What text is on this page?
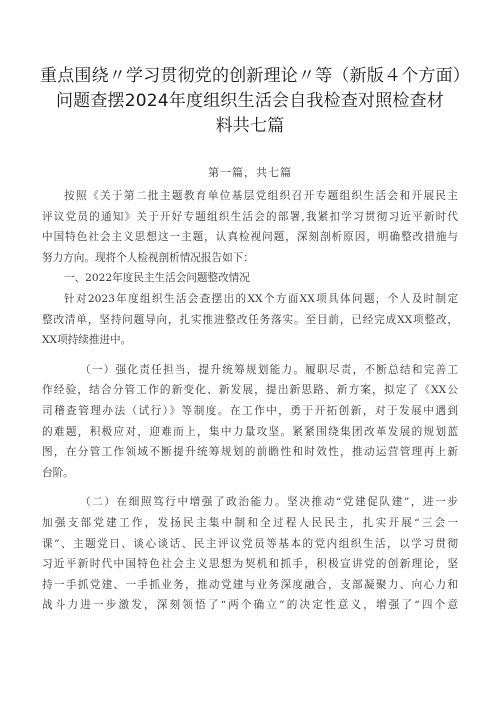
重点围绕〃学习贯彻党的创新理论〃等（新版４个方面）
问题查摆2024年度组织生活会自我检查对照检查材
料共七篇
第一篇，共七篇
按照《关于第二批主题教育单位基层党组织召开专题组织生活会和开展民主
评议党员的通知》关于开好专题组织生活会的部署,我紧扣学习贯彻习近平新时代
中国特色社会主义思想这一主题，认真检视问题，深刻剖析原因，明确整改措施与
努力方向。现将个人检视剖析情况报告如下：
一、2022年度民主生活会问题整改情况
针对2023年度组织生活会查摆出的XX个方面XX项具体问题，个人及时制定
整改清单，坚持问题导向，扎实推进整改任务落实。至目前，已经完成XX项整改，
XX项持续推进中。
（一）强化责任担当，提升统筹规划能力。履职尽责，不断总结和完善工
作经验，结合分管工作的新变化、新发展，提出新思路、新方案，拟定了《XX公
司稽查管理办法（试行）》等制度。在工作中，勇于开拓创新，对于发展中遇到
的难题，积极应对，迎难而上，集中力量攻坚。紧紧围绕集团改革发展的规划蓝
图，在分管工作领域不断提升统筹规划的前瞻性和时效性，推动运营管理再上新
台阶。
（二）在细照笃行中增强了政治能力。坚决推动“党建促队建”，进一步
加强支部党建工作，发扬民主集中制和全过程人民民主，扎实开展“三会一
课”、主题党日、谈心谈话、民主评议党员等基本的党内组织生活，以学习贯彻
习近平新时代中国特色社会主义思想为契机和抓手，积极宣讲党的创新理论，坚
持一手抓党建、一手抓业务，推动党建与业务深度融合，支部凝聚力、向心力和
战斗力进一步激发，深刻领悟了“两个确立”的决定性意义，增强了“四个意
